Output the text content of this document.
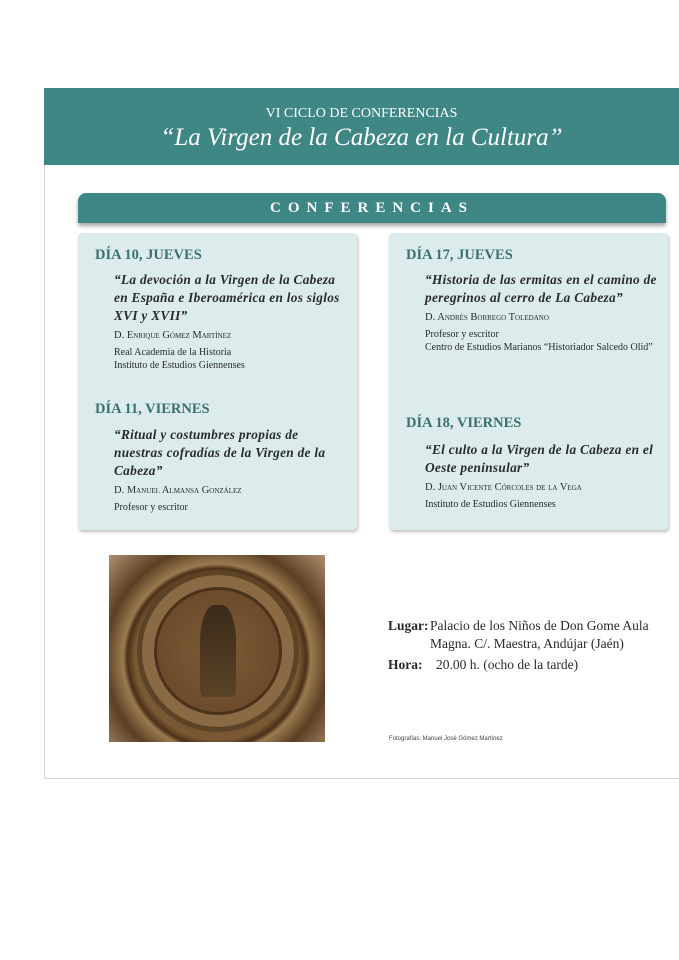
VI CICLO DE CONFERENCIAS
“La Virgen de la Cabeza en la Cultura”
CONFERENCIAS
DÍA 10, JUEVES
“La devoción a la Virgen de la Cabeza en España e Iberoamérica en los siglos XVI y XVII”
D. Enrique Gómez Martínez
Real Academia de la Historia
Instituto de Estudios Giennenses
DÍA 11, VIERNES
“Ritual y costumbres propias de nuestras cofradías de la Virgen de la Cabeza”
D. Manuel Almansa González
Profesor y escritor
DÍA 17, JUEVES
“Historia de las ermitas en el camino de peregrinos al cerro de La Cabeza”
D. Andrés Borrego Toledano
Profesor y escritor
Centro de Estudios Marianos “Historiador Salcedo Olid”
DÍA 18, VIERNES
“El culto a la Virgen de la Cabeza en el Oeste peninsular”
D. Juan Vicente Córcoles de la Vega
Instituto de Estudios Giennenses
Lugar: Palacio de los Niños de Don Gome Aula Magna. C/. Maestra, Andújar (Jaén)
Hora:	20.00 h. (ocho de la tarde)
Fotografías: Manuel José Gómez Martínez
